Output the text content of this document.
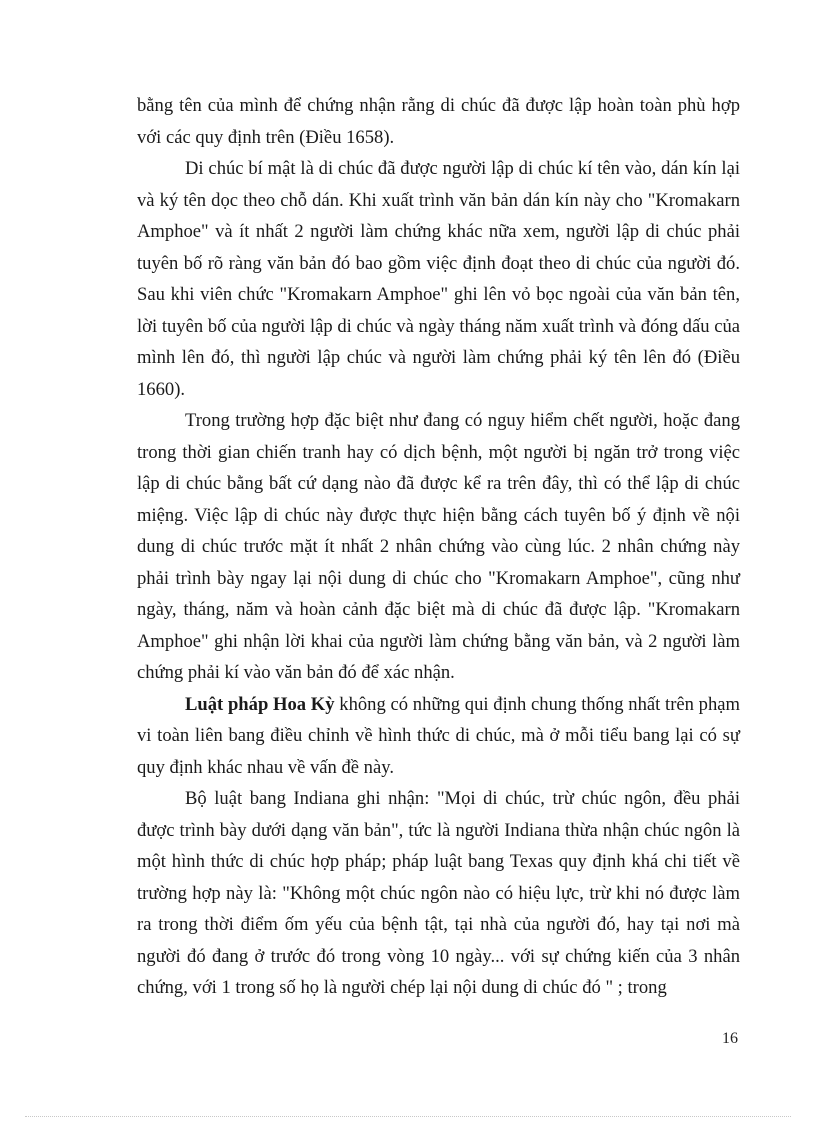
bằng tên của mình để chứng nhận rằng di chúc đã được lập hoàn toàn phù hợp với các quy định trên (Điều 1658).

Di chúc bí mật là di chúc đã được người lập di chúc kí tên vào, dán kín lại và ký tên dọc theo chỗ dán. Khi xuất trình văn bản dán kín này cho "Kromakarn Amphoe" và ít nhất 2 người làm chứng khác nữa xem, người lập di chúc phải tuyên bố rõ ràng văn bản đó bao gồm việc định đoạt theo di chúc của người đó. Sau khi viên chức "Kromakarn Amphoe" ghi lên vỏ bọc ngoài của văn bản tên, lời tuyên bố của người lập di chúc và ngày tháng năm xuất trình và đóng dấu của mình lên đó, thì người lập chúc và người làm chứng phải ký tên lên đó (Điều 1660).

Trong trường hợp đặc biệt như đang có nguy hiểm chết người, hoặc đang trong thời gian chiến tranh hay có dịch bệnh, một người bị ngăn trở trong việc lập di chúc bằng bất cứ dạng nào đã được kể ra trên đây, thì có thể lập di chúc miệng. Việc lập di chúc này được thực hiện bằng cách tuyên bố ý định về nội dung di chúc trước mặt ít nhất 2 nhân chứng vào cùng lúc. 2 nhân chứng này phải trình bày ngay lại nội dung di chúc cho "Kromakarn Amphoe", cũng như ngày, tháng, năm và hoàn cảnh đặc biệt mà di chúc đã được lập. "Kromakarn Amphoe" ghi nhận lời khai của người làm chứng bằng văn bản, và 2 người làm chứng phải kí vào văn bản đó để xác nhận.

Luật pháp Hoa Kỳ không có những qui định chung thống nhất trên phạm vi toàn liên bang điều chỉnh về hình thức di chúc, mà ở mỗi tiểu bang lại có sự quy định khác nhau về vấn đề này.

Bộ luật bang Indiana ghi nhận: "Mọi di chúc, trừ chúc ngôn, đều phải được trình bày dưới dạng văn bản", tức là người Indiana thừa nhận chúc ngôn là một hình thức di chúc hợp pháp; pháp luật bang Texas quy định khá chi tiết về trường hợp này là: "Không một chúc ngôn nào có hiệu lực, trừ khi nó được làm ra trong thời điểm ốm yếu của bệnh tật, tại nhà của người đó, hay tại nơi mà người đó đang ở trước đó trong vòng 10 ngày... với sự chứng kiến của 3 nhân chứng, với 1 trong số họ là người chép lại nội dung di chúc đó " ; trong

16
